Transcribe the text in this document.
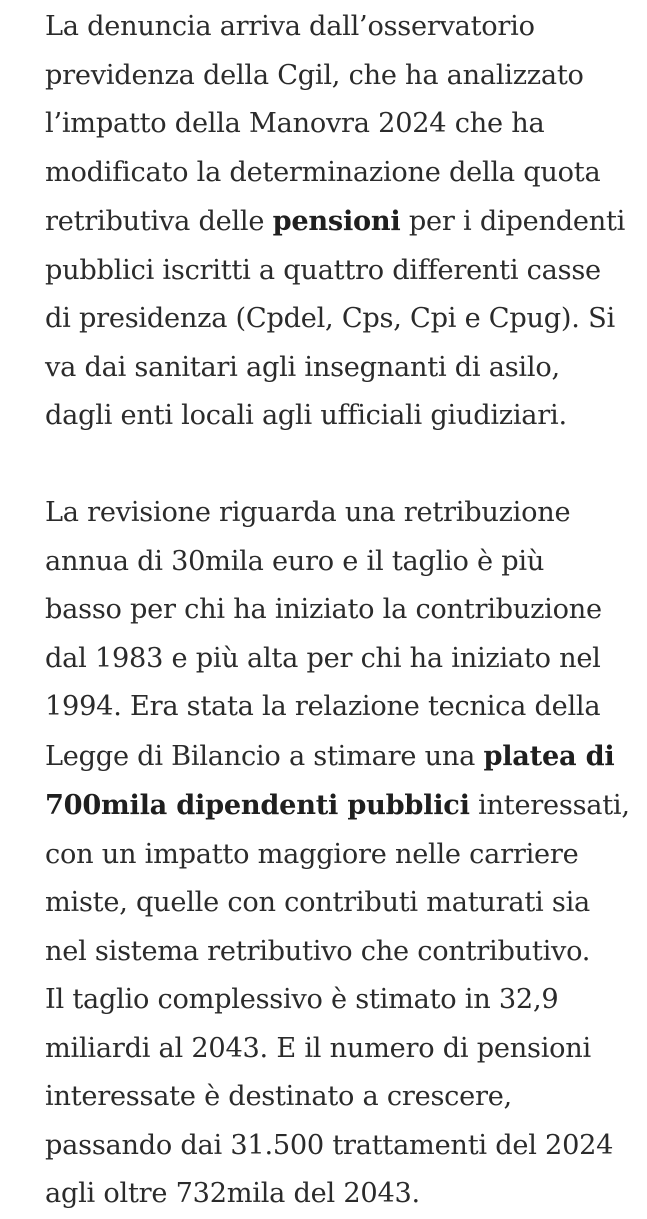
La denuncia arriva dall’osservatorio
previdenza della Cgil, che ha analizzato
l’impatto della Manovra 2024 che ha
modificato la determinazione della quota
retributiva delle pensioni per i dipendenti
pubblici iscritti a quattro differenti casse
di presidenza (Cpdel, Cps, Cpi e Cpug). Si
va dai sanitari agli insegnanti di asilo,
dagli enti locali agli ufficiali giudiziari.

La revisione riguarda una retribuzione
annua di 30mila euro e il taglio è più
basso per chi ha iniziato la contribuzione
dal 1983 e più alta per chi ha iniziato nel
1994. Era stata la relazione tecnica della
Legge di Bilancio a stimare una platea di
700mila dipendenti pubblici interessati,
con un impatto maggiore nelle carriere
miste, quelle con contributi maturati sia
nel sistema retributivo che contributivo.
Il taglio complessivo è stimato in 32,9
miliardi al 2043. E il numero di pensioni
interessate è destinato a crescere,
passando dai 31.500 trattamenti del 2024
agli oltre 732mila del 2043.
